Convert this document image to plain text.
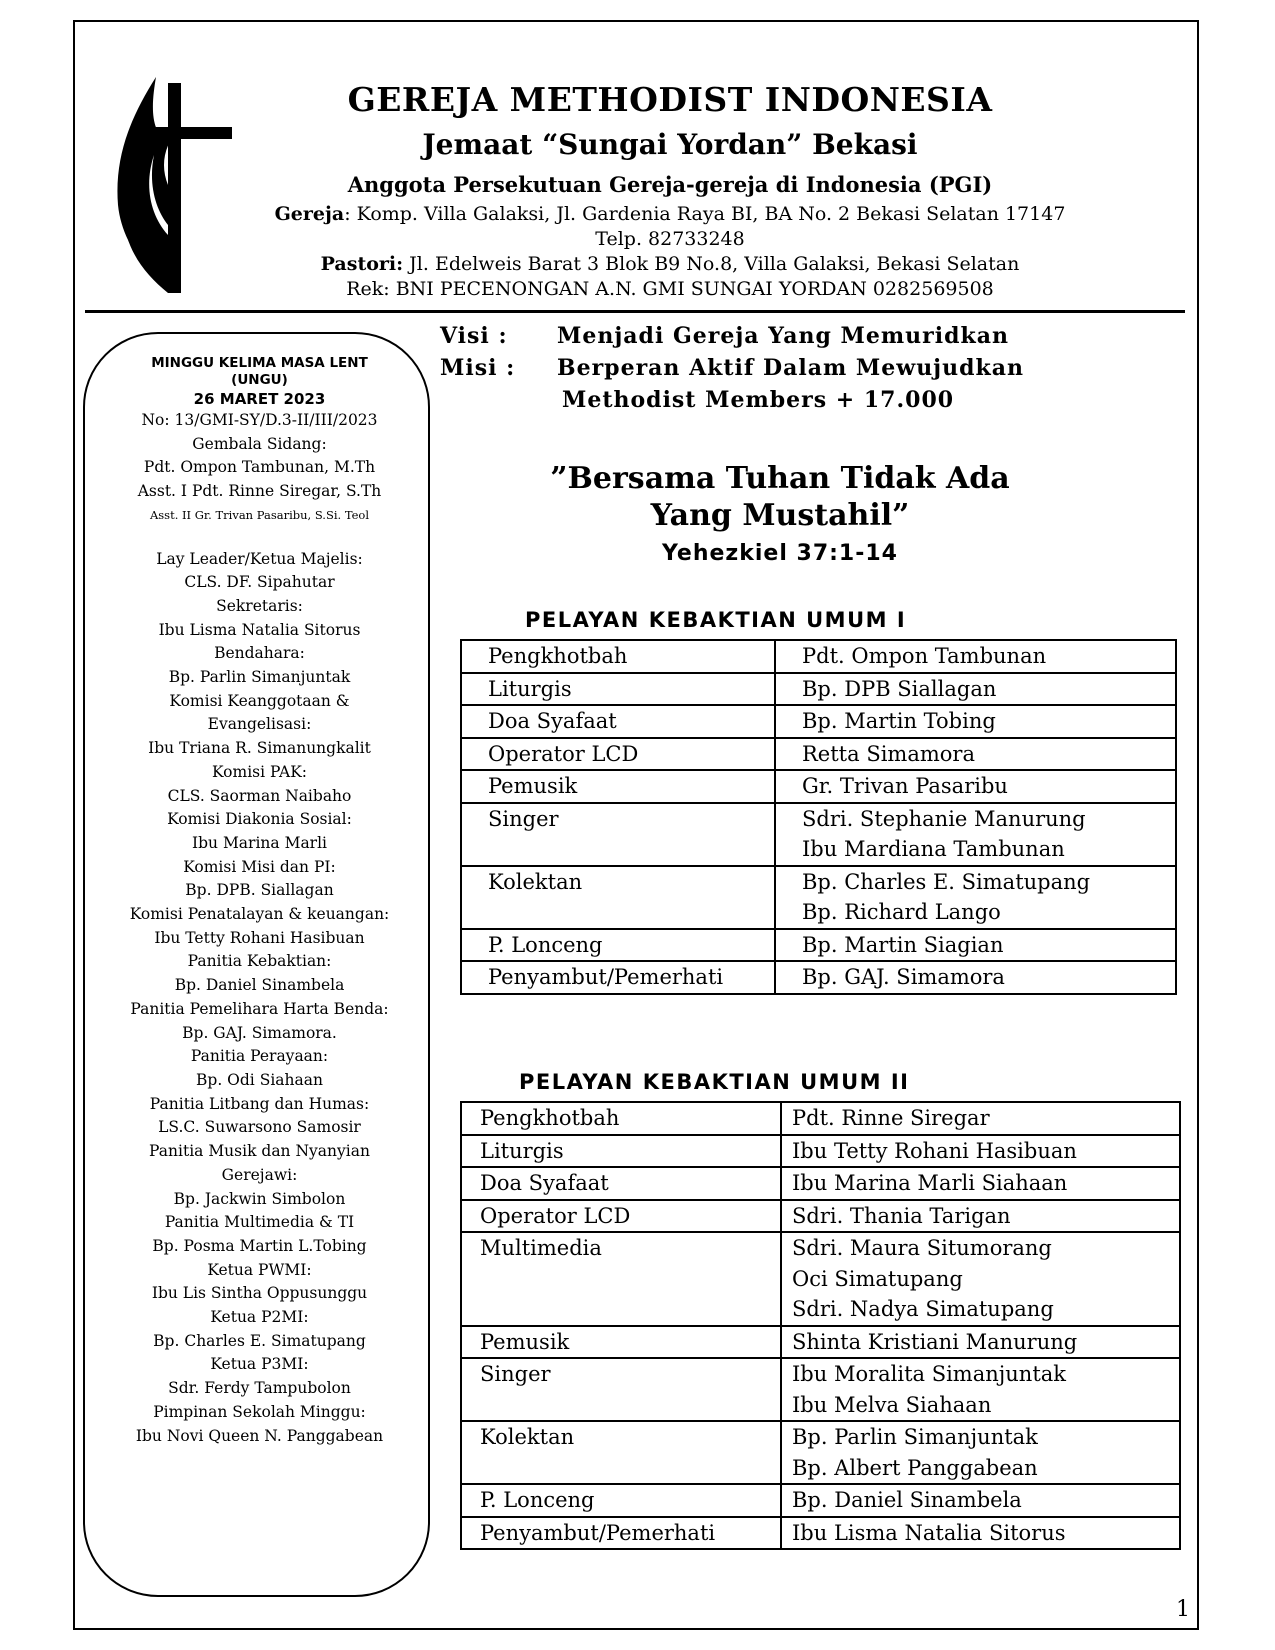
GEREJA METHODIST INDONESIA
Jemaat “Sungai Yordan” Bekasi
Anggota Persekutuan Gereja-gereja di Indonesia (PGI)
Gereja: Komp. Villa Galaksi, Jl. Gardenia Raya BI, BA No. 2 Bekasi Selatan 17147
Telp. 82733248
Pastori: Jl. Edelweis Barat 3 Blok B9 No.8, Villa Galaksi, Bekasi Selatan
Rek: BNI PECENONGAN A.N. GMI SUNGAI YORDAN 0282569508
MINGGU KELIMA MASA LENT
(UNGU)
26 MARET 2023
No: 13/GMI-SY/D.3-II/III/2023
Gembala Sidang:
Pdt. Ompon Tambunan, M.Th
Asst. I Pdt. Rinne Siregar, S.Th
Asst. II Gr. Trivan Pasaribu, S.Si. Teol
Lay Leader/Ketua Majelis:
CLS. DF. Sipahutar
Sekretaris:
Ibu Lisma Natalia Sitorus
Bendahara:
Bp. Parlin Simanjuntak
Komisi Keanggotaan &
Evangelisasi:
Ibu Triana R. Simanungkalit
Komisi PAK:
CLS. Saorman Naibaho
Komisi Diakonia Sosial:
Ibu Marina Marli
Komisi Misi dan PI:
Bp. DPB. Siallagan
Komisi Penatalayan & keuangan:
Ibu Tetty Rohani Hasibuan
Panitia Kebaktian:
Bp. Daniel Sinambela
Panitia Pemelihara Harta Benda:
Bp. GAJ. Simamora.
Panitia Perayaan:
Bp. Odi Siahaan
Panitia Litbang dan Humas:
LS.C. Suwarsono Samosir
Panitia Musik dan Nyanyian
Gerejawi:
Bp. Jackwin Simbolon
Panitia Multimedia & TI
Bp. Posma Martin L.Tobing
Ketua PWMI:
Ibu Lis Sintha Oppusunggu
Ketua P2MI:
Bp. Charles E. Simatupang
Ketua P3MI:
Sdr. Ferdy Tampubolon
Pimpinan Sekolah Minggu:
Ibu Novi Queen N. Panggabean
Visi : Menjadi Gereja Yang Memuridkan
Misi : Berperan Aktif Dalam Mewujudkan
Methodist Members + 17.000
”Bersama Tuhan Tidak Ada
Yang Mustahil”
Yehezkiel 37:1-14
PELAYAN KEBAKTIAN UMUM I
Pengkhotbah	Pdt. Ompon Tambunan

Liturgis	Bp. DPB Siallagan

Doa Syafaat	Bp. Martin Tobing

Operator LCD	Retta Simamora

Pemusik	Gr. Trivan Pasaribu

Singer	Sdri. Stephanie Manurung
Ibu Mardiana Tambunan

Kolektan	Bp. Charles E. Simatupang
Bp. Richard Lango

P. Lonceng	Bp. Martin Siagian

Penyambut/Pemerhati	Bp. GAJ. Simamora
PELAYAN KEBAKTIAN UMUM II
Pengkhotbah	Pdt. Rinne Siregar

Liturgis	Ibu Tetty Rohani Hasibuan

Doa Syafaat	Ibu Marina Marli Siahaan

Operator LCD	Sdri. Thania Tarigan

Multimedia	Sdri. Maura Situmorang
Oci Simatupang
Sdri. Nadya Simatupang

Pemusik	Shinta Kristiani Manurung

Singer	Ibu Moralita Simanjuntak
Ibu Melva Siahaan

Kolektan	Bp. Parlin Simanjuntak
Bp. Albert Panggabean

P. Lonceng	Bp. Daniel Sinambela

Penyambut/Pemerhati	Ibu Lisma Natalia Sitorus
1
